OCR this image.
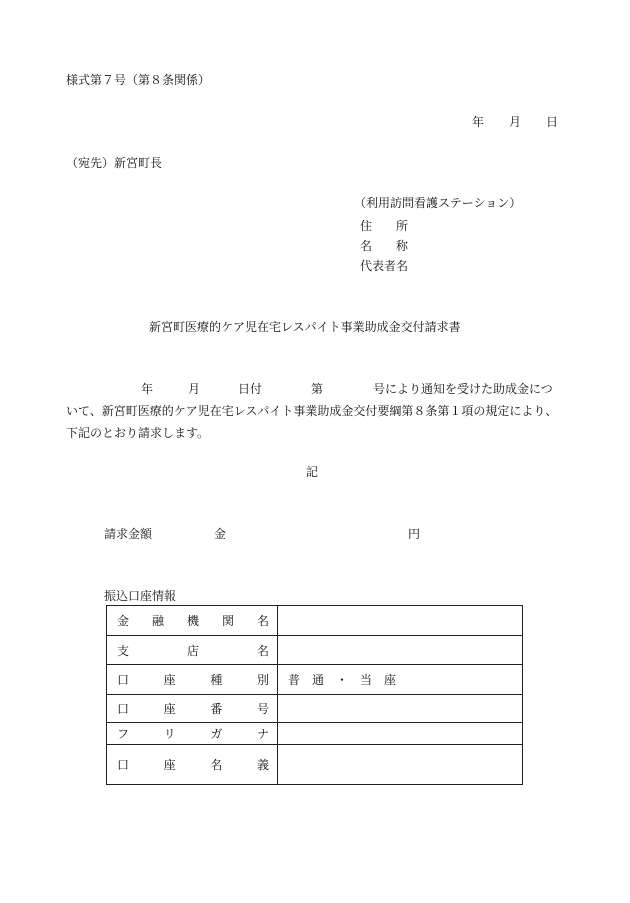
様式第７号（第８条関係）
年 月 日
（宛先）新宮町長
（利用訪問看護ステーション）
住　　所
名　　称
代表者名
新宮町医療的ケア児在宅レスパイト事業助成金交付請求書
年	月	日付	第	号により通知を受けた助成金につ
いて、新宮町医療的ケア児在宅レスパイト事業助成金交付要綱第８条第１項の規定により、
下記のとおり請求します。
記
請求金額	金	円
振込口座情報
金 融 機 関 名	

支 店 名	

口 座 種 別	普　通　・　当　座

口 座 番 号	

フ リ ガ ナ	

口 座 名 義	
